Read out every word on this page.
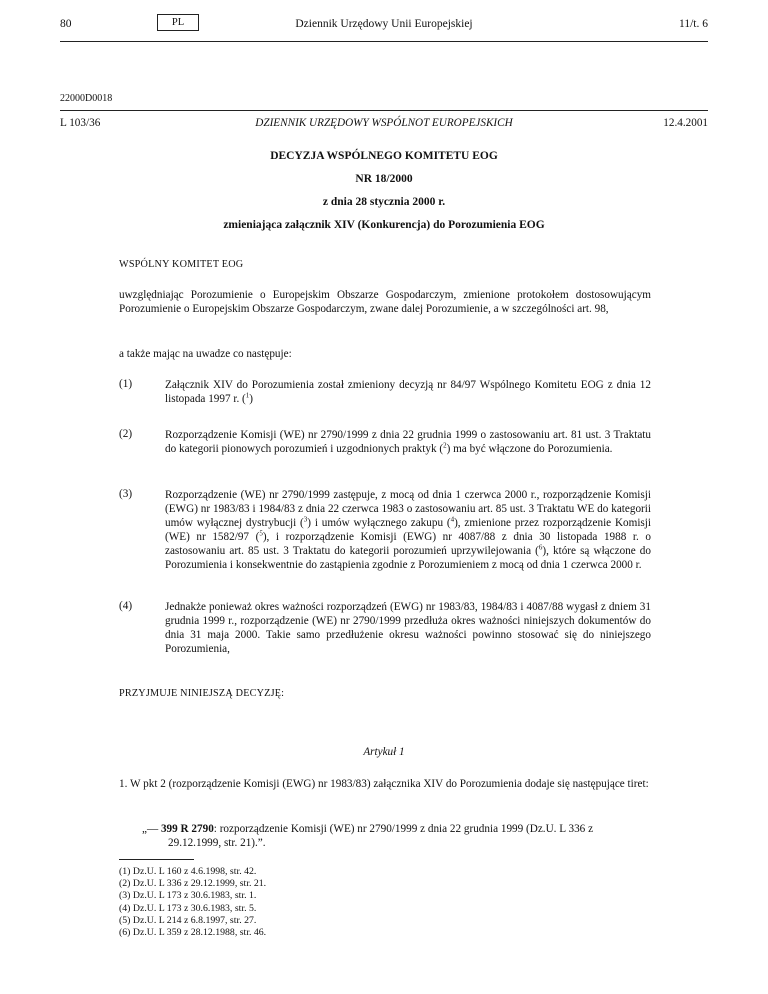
80	PL	Dziennik Urzędowy Unii Europejskiej	11/t. 6
22000D0018
L 103/36	DZIENNIK URZĘDOWY WSPÓLNOT EUROPEJSKICH	12.4.2001
DECYZJA WSPÓLNEGO KOMITETU EOG
NR 18/2000
z dnia 28 stycznia 2000 r.
zmieniająca załącznik XIV (Konkurencja) do Porozumienia EOG
WSPÓLNY KOMITET EOG
uwzględniając Porozumienie o Europejskim Obszarze Gospodarczym, zmienione protokołem dostosowującym Porozumienie o Europejskim Obszarze Gospodarczym, zwane dalej Porozumienie, a w szczególności art. 98,
a także mając na uwadze co następuje:
(1)	Załącznik XIV do Porozumienia został zmieniony decyzją nr 84/97 Wspólnego Komitetu EOG z dnia 12 listopada 1997 r. ($^1$)
(2)	Rozporządzenie Komisji (WE) nr 2790/1999 z dnia 22 grudnia 1999 o zastosowaniu art. 81 ust. 3 Traktatu do kategorii pionowych porozumień i uzgodnionych praktyk ($^2$) ma być włączone do Porozumienia.
(3)	Rozporządzenie (WE) nr 2790/1999 zastępuje, z mocą od dnia 1 czerwca 2000 r., rozporządzenie Komisji (EWG) nr 1983/83 i 1984/83 z dnia 22 czerwca 1983 o zastosowaniu art. 85 ust. 3 Traktatu WE do kategorii umów wyłącznej dystrybucji ($^3$) i umów wyłącznego zakupu ($^4$), zmienione przez rozporządzenie Komisji (WE) nr 1582/97 ($^5$), i rozporządzenie Komisji (EWG) nr 4087/88 z dnia 30 listopada 1988 r. o zastosowaniu art. 85 ust. 3 Traktatu do kategorii porozumień uprzywilejowania ($^6$), które są włączone do Porozumienia i konsekwentnie do zastąpienia zgodnie z Porozumieniem z mocą od dnia 1 czerwca 2000 r.
(4)	Jednakże ponieważ okres ważności rozporządzeń (EWG) nr 1983/83, 1984/83 i 4087/88 wygasł z dniem 31 grudnia 1999 r., rozporządzenie (WE) nr 2790/1999 przedłuża okres ważności niniejszych dokumentów do dnia 31 maja 2000. Takie samo przedłużenie okresu ważności powinno stosować się do niniejszego Porozumienia,
PRZYJMUJE NINIEJSZĄ DECYZJĘ:
Artykuł 1
1. W pkt 2 (rozporządzenie Komisji (EWG) nr 1983/83) załącznika XIV do Porozumienia dodaje się następujące tiret:
„— 399 R 2790: rozporządzenie Komisji (WE) nr 2790/1999 z dnia 22 grudnia 1999 (Dz.U. L 336 z
29.12.1999, str. 21).”.
(1) Dz.U. L 160 z 4.6.1998, str. 42.
(2) Dz.U. L 336 z 29.12.1999, str. 21.
(3) Dz.U. L 173 z 30.6.1983, str. 1.
(4) Dz.U. L 173 z 30.6.1983, str. 5.
(5) Dz.U. L 214 z 6.8.1997, str. 27.
(6) Dz.U. L 359 z 28.12.1988, str. 46.
